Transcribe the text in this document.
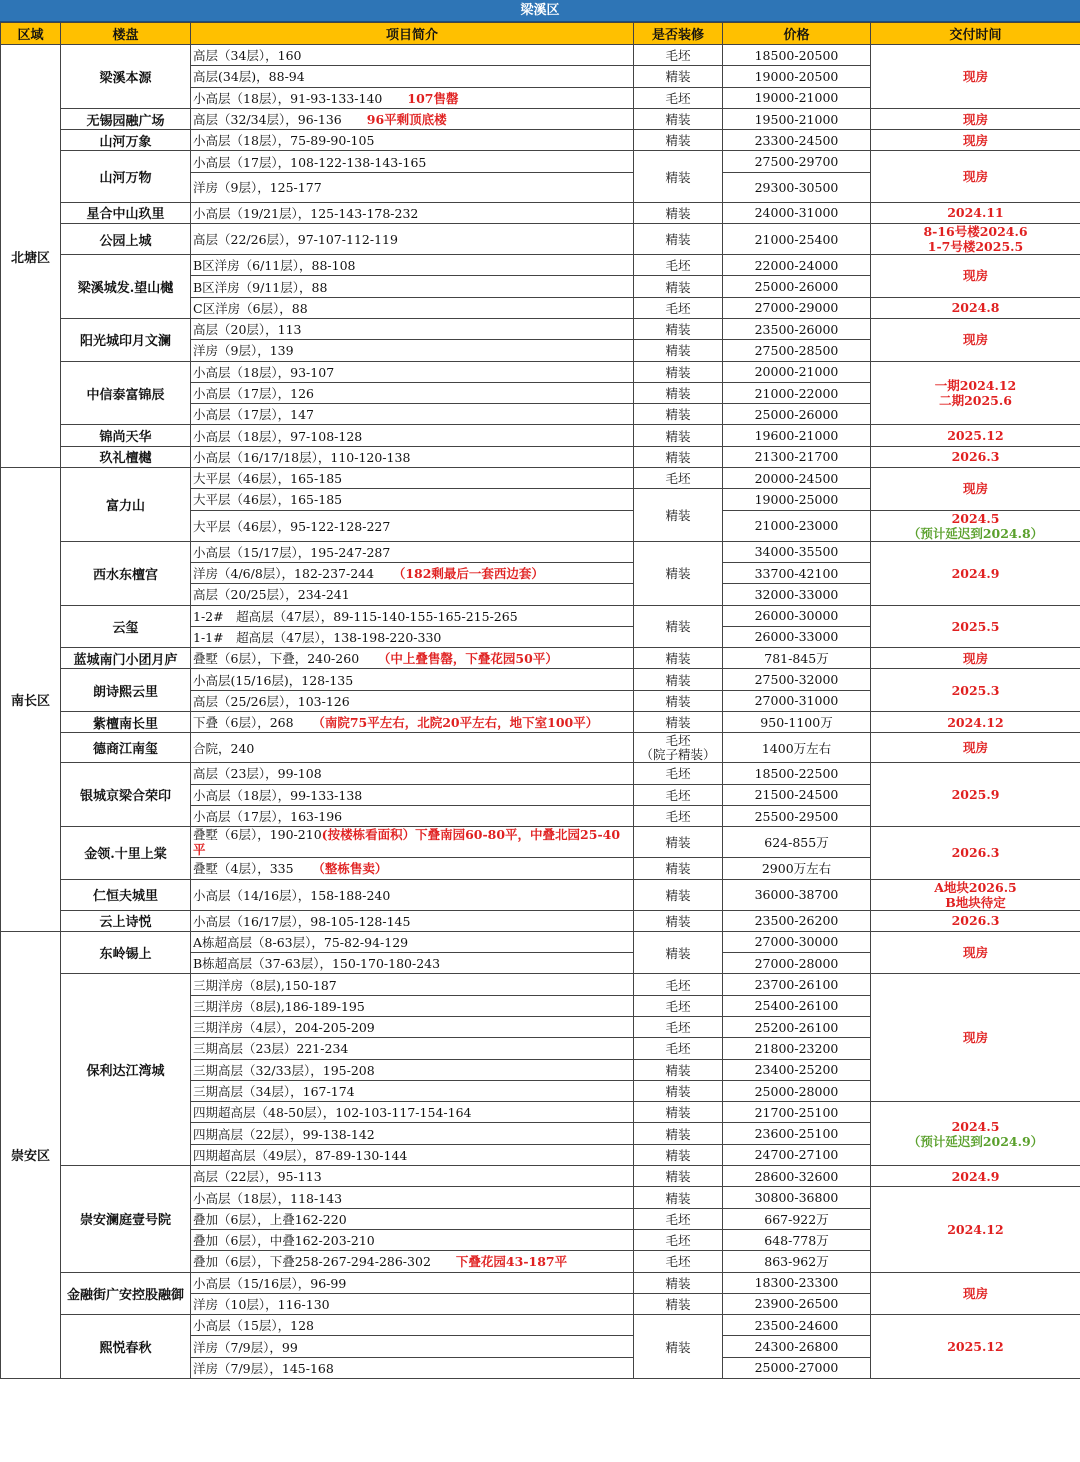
梁溪区
区域	楼盘	项目简介	是否装修	价格	交付时间
北塘区	梁溪本源	高层（34层），160	毛坯	18500-20500	现房
		高层(34层)，88-94	精装	19000-20500	
		小高层（18层），91-93-133-140　　 107售罄	毛坯	19000-21000	
	无锡园融广场	高层（32/34层），96-136　　 96平剩顶底楼	精装	19500-21000	现房
	山河万象	小高层（18层），75-89-90-105	精装	23300-24500	现房
	山河万物	小高层（17层），108-122-138-143-165	精装	27500-29700	现房
		洋房（9层），125-177		29300-30500	
	星合中山玖里	小高层（19/21层），125-143-178-232	精装	24000-31000	2024.11
	公园上城	高层（22/26层），97-107-112-119	精装	21000-25400	8-16号楼2024.6
1-7号楼2025.5
	梁溪城发.望山樾	B区洋房（6/11层），88-108	毛坯	22000-24000	现房
		B区洋房（9/11层），88	精装	25000-26000	
		C区洋房（6层），88	毛坯	27000-29000	2024.8
	阳光城印月文澜	高层（20层），113	精装	23500-26000	现房
		洋房（9层），139	精装	27500-28500	
	中信泰富锦辰	小高层（18层），93-107	精装	20000-21000	一期2024.12
二期2025.6
		小高层（17层），126	精装	21000-22000	
		小高层（17层），147	精装	25000-26000	
	锦尚天华	小高层（18层），97-108-128	精装	19600-21000	2025.12
	玖礼檀樾	小高层（16/17/18层），110-120-138	精装	21300-21700	2026.3
南长区	富力山	大平层（46层），165-185	毛坯	20000-24500	现房
		大平层（46层），165-185	精装	19000-25000	
		大平层（46层），95-122-128-227		21000-23000	2024.5
（预计延迟到2024.8）
	西水东檀宫	小高层（15/17层），195-247-287	精装	34000-35500	2024.9
		洋房（4/6/8层），182-237-244　　 （182剩最后一套西边套）		33700-42100	
		高层（20/25层），234-241		32000-33000	
	云玺	1-2#　超高层（47层），89-115-140-155-165-215-265	精装	26000-30000	2025.5
		1-1#　超高层（47层），138-198-220-330		26000-33000	
	蓝城南门小团月庐	叠墅（6层），下叠，240-260　　 （中上叠售罄，下叠花园50平）	精装	781-845万	现房
	朗诗熙云里	小高层(15/16层)，128-135	精装	27500-32000	2025.3
		高层（25/26层），103-126	精装	27000-31000	
	紫檀南长里	下叠（6层），268　　 （南院75平左右，北院20平左右，地下室100平）	精装	950-1100万	2024.12
	德商江南玺	合院，240	毛坯
（院子精装）	1400万左右	现房
	银城京梁合荣印	高层（23层），99-108	毛坯	18500-22500	2025.9
		小高层（18层），99-133-138	毛坯	21500-24500	
		小高层（17层），163-196	毛坯	25500-29500	
	金领.十里上棠	叠墅（6层），190-210(按楼栋看面积）下叠南园60-80平，中叠北园25-40平	精装	624-855万	2026.3
		叠墅（4层），335　　 （整栋售卖）	精装	2900万左右	
	仁恒夫城里	小高层（14/16层），158-188-240	精装	36000-38700	A地块2026.5
B地块待定
	云上诗悦	小高层（16/17层），98-105-128-145	精装	23500-26200	2026.3
崇安区	东岭锡上	A栋超高层（8-63层），75-82-94-129	精装	27000-30000	现房
		B栋超高层（37-63层），150-170-180-243		27000-28000	
	保利达江湾城	三期洋房（8层),150-187	毛坯	23700-26100	现房
		三期洋房（8层),186-189-195	毛坯	25400-26100	
		三期洋房（4层），204-205-209	毛坯	25200-26100	
		三期高层（23层）221-234	毛坯	21800-23200	
		三期高层（32/33层），195-208	精装	23400-25200	
		三期高层（34层），167-174	精装	25000-28000	
		四期超高层（48-50层），102-103-117-154-164	精装	21700-25100	2024.5
（预计延迟到2024.9）
		四期高层（22层），99-138-142	精装	23600-25100	
		四期超高层（49层），87-89-130-144	精装	24700-27100	
	崇安澜庭壹号院	高层（22层），95-113	精装	28600-32600	2024.9
		小高层（18层），118-143	精装	30800-36800	2024.12
		叠加（6层），上叠162-220	毛坯	667-922万	
		叠加（6层），中叠162-203-210	毛坯	648-778万	
		叠加（6层），下叠258-267-294-286-302　　 下叠花园43-187平	毛坯	863-962万	
	金融街广安控股融御	小高层（15/16层），96-99	精装	18300-23300	现房
		洋房（10层），116-130	精装	23900-26500	
	熙悦春秋	小高层（15层），128	精装	23500-24600	2025.12
		洋房（7/9层），99		24300-26800	
		洋房（7/9层），145-168		25000-27000	
